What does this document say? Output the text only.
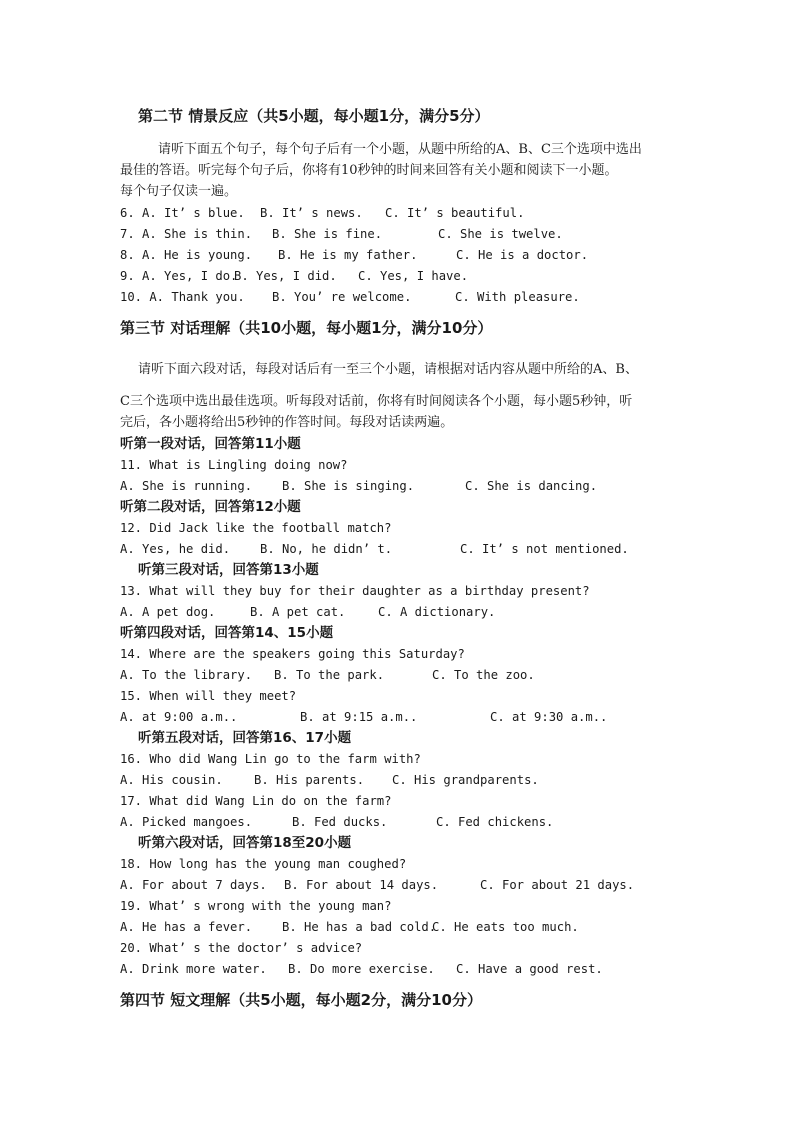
第二节 情景反应（共5小题，每小题1分，满分5分）
请听下面五个句子，每个句子后有一个小题，从题中所给的A、B、C三个选项中选出
最佳的答语。听完每个句子后，你将有10秒钟的时间来回答有关小题和阅读下一小题。
每个句子仅读一遍。
6. A. It’ s blue. B. It’ s news. C. It’ s beautiful.
7. A. She is thin. B. She is fine.	C. She is twelve.
8. A. He is young. B. He is my father.	C. He is a doctor.
9. A. Yes, I do.
B. Yes, I did. C. Yes, I have.
10. A. Thank you. B. You’ re welcome.	C. With pleasure.
第三节 对话理解（共10小题，每小题1分，满分10分）
请听下面六段对话，每段对话后有一至三个小题，请根据对话内容从题中所给的A、B、
C三个选项中选出最佳选项。听每段对话前，你将有时间阅读各个小题，每小题5秒钟，听
完后，各小题将给出5秒钟的作答时间。每段对话读两遍。
听第一段对话，回答第11小题
11. What is Lingling doing now?
A. She is running. B. She is singing.	C. She is dancing.
听第二段对话，回答第12小题
12. Did Jack like the football match?
A. Yes, he did. B. No, he didn’ t.	C. It’ s not mentioned.
听第三段对话，回答第13小题
13. What will they buy for their daughter as a birthday present?
A. A pet dog.	B. A pet cat.	C. A dictionary.
听第四段对话，回答第14、15小题
14. Where are the speakers going this Saturday?
A. To the library. B. To the park.	C. To the zoo.
15. When will they meet?
A. at 9:00 a.m..	B. at 9:15 a.m..	C. at 9:30 a.m..
听第五段对话，回答第16、17小题
16. Who did Wang Lin go to the farm with?
A. His cousin.	B. His parents. C. His grandparents.
17. What did Wang Lin do on the farm?
A. Picked mangoes.	B. Fed ducks.	C. Fed chickens.
听第六段对话，回答第18至20小题
18. How long has the young man coughed?
A. For about 7 days. B. For about 14 days.	C. For about 21 days.
19. What’ s wrong with the young man?
A. He has a fever. B. He has a bad cold.
C. He eats too much.
20. What’ s the doctor’ s advice?
A. Drink more water. B. Do more exercise. C. Have a good rest.
第四节 短文理解（共5小题，每小题2分，满分10分）
